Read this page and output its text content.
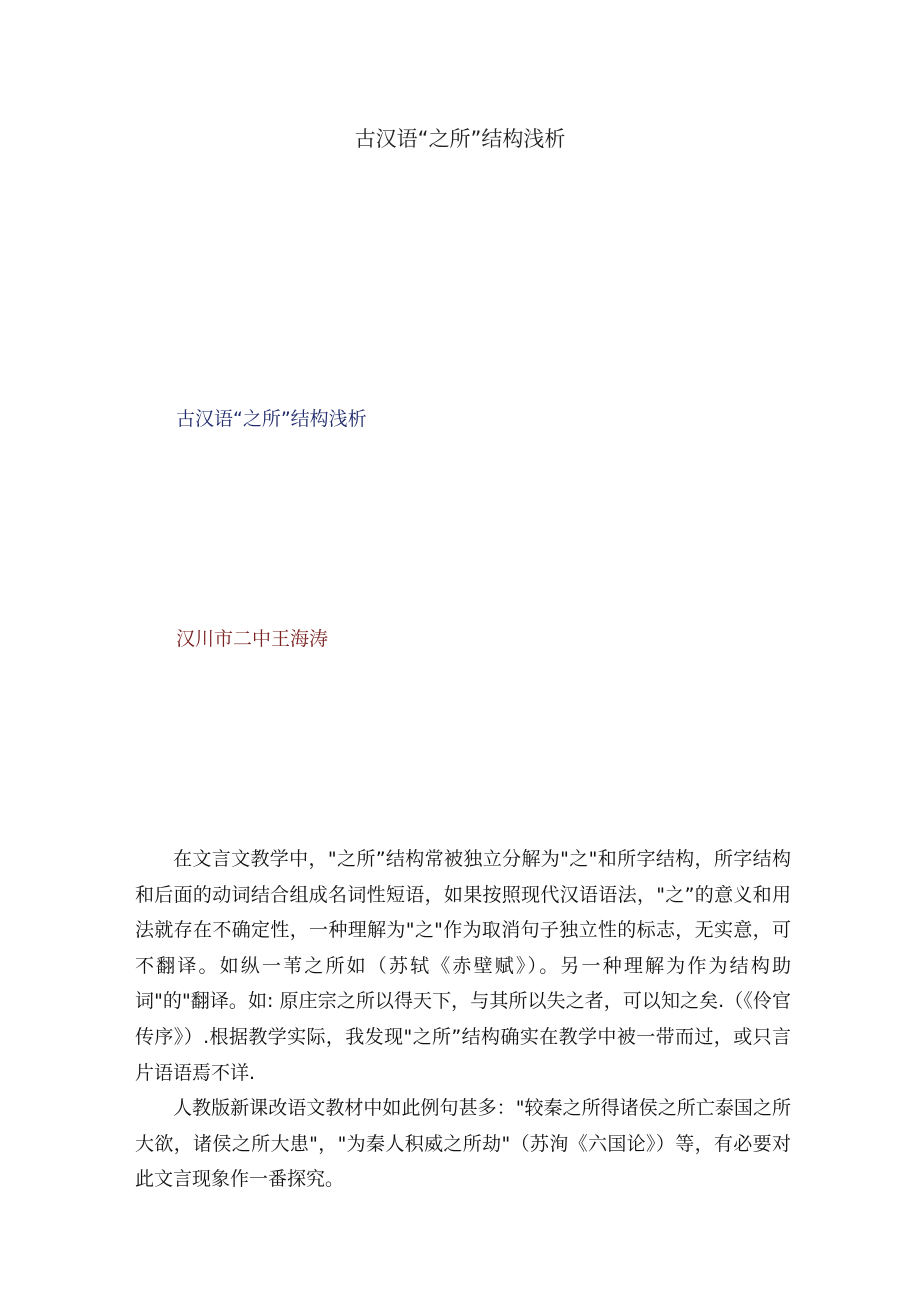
古汉语“之所”结构浅析
古汉语“之所”结构浅析
汉川市二中王海涛

在文言文教学中，"之所”结构常被独立分解为"之"和所字结构，所字结构和后面的动词结合组成名词性短语，如果按照现代汉语语法，"之”的意义和用法就存在不确定性，一种理解为"之"作为取消句子独立性的标志，无实意，可不翻译。如纵一苇之所如（苏轼《赤壁赋》）。另一种理解为作为结构助词"的"翻译。如: 原庄宗之所以得天下，与其所以失之者，可以知之矣.（《伶官传序》）.根据教学实际，我发现"之所”结构确实在教学中被一带而过，或只言片语语焉不详.

人教版新课改语文教材中如此例句甚多："较秦之所得诸侯之所亡泰国之所大欲，诸侯之所大患"，"为秦人积威之所劫"（苏洵《六国论》）等，有必要对此文言现象作一番探究。
